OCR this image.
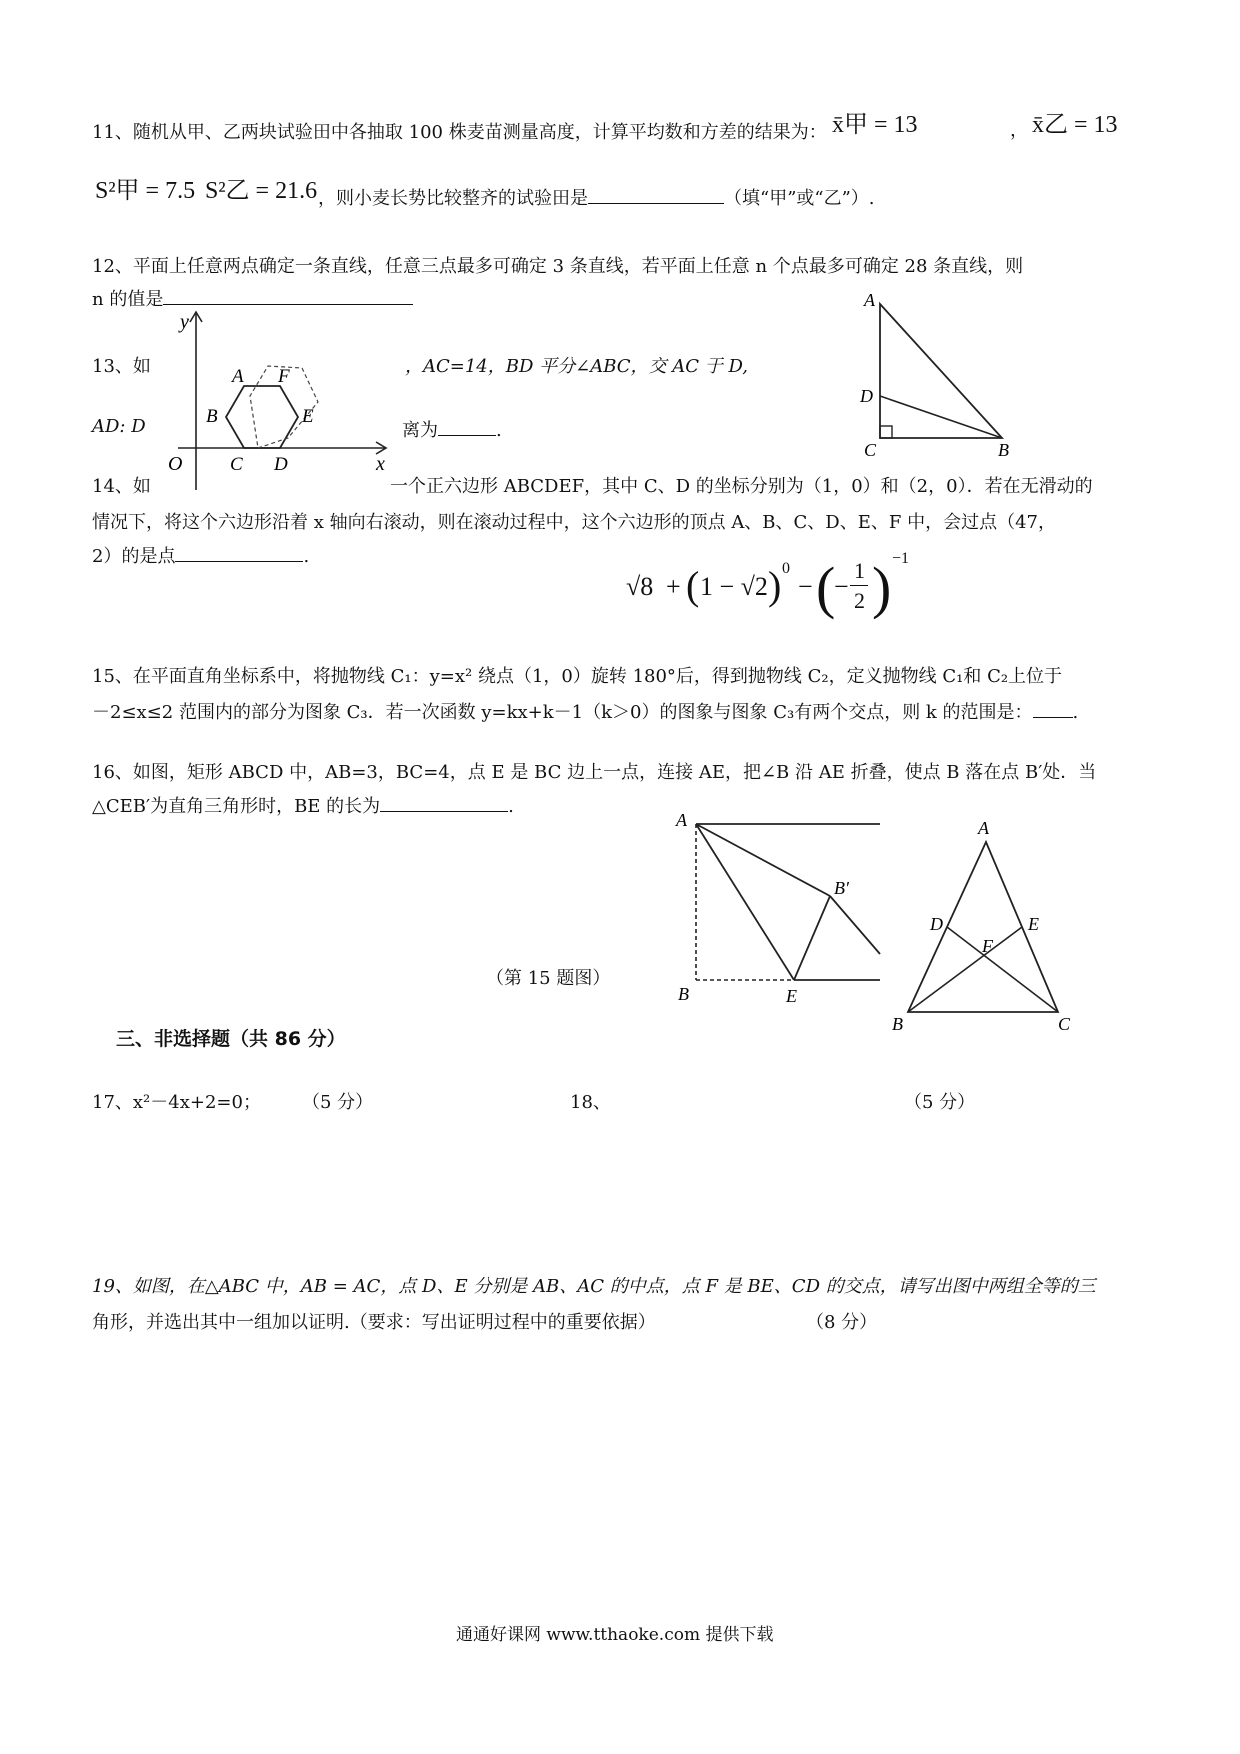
11、随机从甲、乙两块试验田中各抽取 100 株麦苗测量高度，计算平均数和方差的结果为： x̄甲 = 13	， x̄乙 = 13
S²甲 = 7.5 S²乙 = 21.6 ，则小麦长势比较整齐的试验田是	（填“甲”或“乙”）.
12、平面上任意两点确定一条直线，任意三点最多可确定 3 条直线，若平面上任意 n 个点最多可确定 28 条直线，则
n 的值是
y
x
O
A F
B	E
C D
13、如	，AC=14，BD 平分∠ABC，交 AC 于 D,
AD: D	离为	.
A
D
C	B
14、如	一个正六边形 ABCDEF，其中 C、D 的坐标分别为（1，0）和（2，0）．若在无滑动的
情况下，将这个六边形沿着 x 轴向右滚动，则在滚动过程中，这个六边形的顶点 A、B、C、D、E、F 中，会过点（47，
2）的是点	.
√8 + ( 1 − √2 ) 0
− (
−
1
2 ) −1
15、在平面直角坐标系中，将抛物线 C₁：y=x² 绕点（1，0）旋转 180°后，得到抛物线 C₂，定义抛物线 C₁和 C₂上位于
－2≤x≤2 范围内的部分为图象 C₃．若一次函数 y=kx+k－1（k＞0）的图象与图象 C₃有两个交点，则 k 的范围是： .
16、如图，矩形 ABCD 中，AB=3，BC=4，点 E 是 BC 边上一点，连接 AE，把∠B 沿 AE 折叠，使点 B 落在点 B′处．当
△CEB′为直角三角形时，BE 的长为	.
A
B′
B	E
A
D	E
F
B	C
（第 15 题图）
三、非选择题（共 86 分）
17、x²－4x+2=0； （5 分）	18、	（5 分）
19、如图，在△ABC 中，AB = AC，点 D、E 分别是 AB、AC 的中点，点 F 是 BE、CD 的交点，请写出图中两组全等的三
角形，并选出其中一组加以证明.（要求：写出证明过程中的重要依据）	（8 分）
通通好课网 www.tthaoke.com 提供下载
